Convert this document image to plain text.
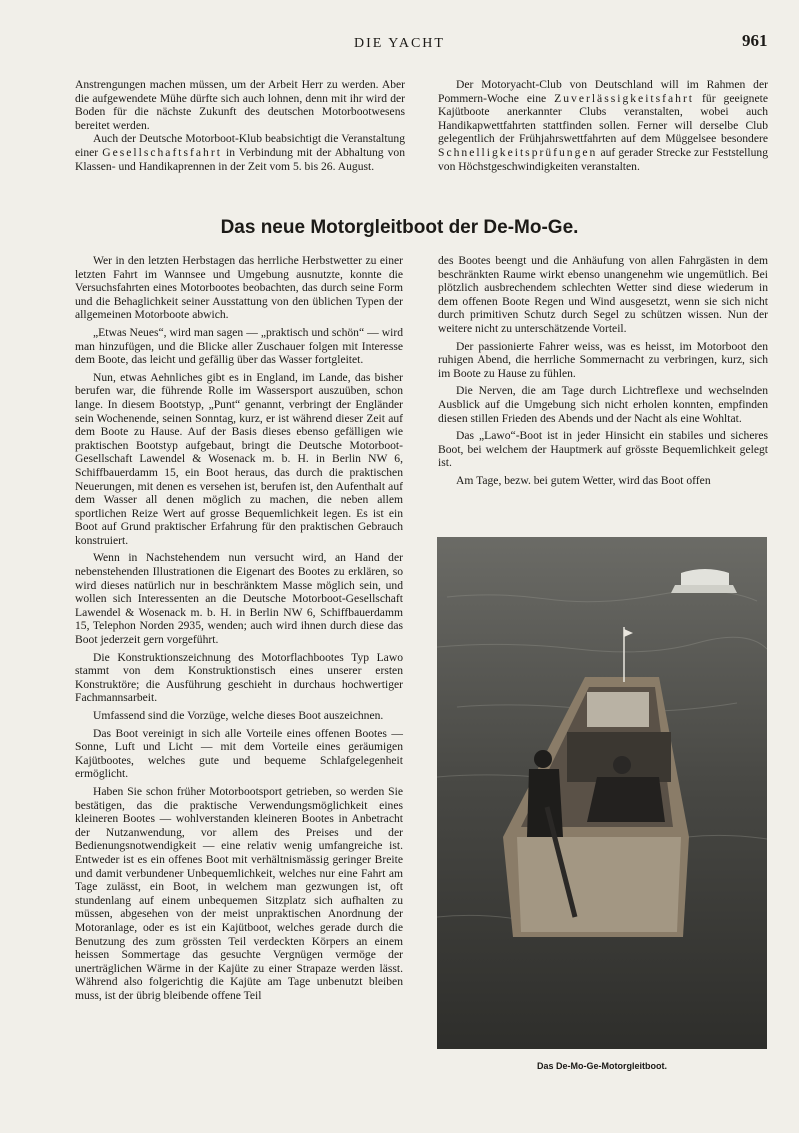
DIE YACHT	961

Anstrengungen machen müssen, um der Arbeit Herr zu werden. Aber die aufgewendete Mühe dürfte sich auch lohnen, denn mit ihr wird der Boden für die nächste Zukunft des deutschen Motorbootwesens bereitet werden.

Auch der Deutsche Motorboot-Klub beabsichtigt die Veranstaltung einer Gesellschaftsfahrt in Verbindung mit der Abhaltung von Klassen- und Handikaprennen in der Zeit vom 5. bis 26. August.

Der Motoryacht-Club von Deutschland will im Rahmen der Pommern-Woche eine Zuverlässigkeitsfahrt für geeignete Kajütboote anerkannter Clubs veranstalten, wobei auch Handikapwettfahrten stattfinden sollen. Ferner will derselbe Club gelegentlich der Frühjahrswettfahrten auf dem Müggelsee besondere Schnelligkeitsprüfungen auf gerader Strecke zur Feststellung von Höchstgeschwindigkeiten veranstalten.

Das neue Motorgleitboot der De-Mo-Ge.

Wer in den letzten Herbstagen das herrliche Herbstwetter zu einer letzten Fahrt im Wannsee und Umgebung ausnutzte, konnte die Versuchsfahrten eines Motorbootes beobachten, das durch seine Form und die Behaglichkeit seiner Ausstattung von den üblichen Typen der allgemeinen Motorboote abwich.

„Etwas Neues“, wird man sagen — „praktisch und schön“ — wird man hinzufügen, und die Blicke aller Zuschauer folgen mit Interesse dem Boote, das leicht und gefällig über das Wasser fortgleitet.

Nun, etwas Aehnliches gibt es in England, im Lande, das bisher berufen war, die führende Rolle im Wassersport auszuüben, schon lange. In diesem Bootstyp, „Punt“ genannt, verbringt der Engländer sein Wochenende, seinen Sonntag, kurz, er ist während dieser Zeit auf dem Boote zu Hause. Auf der Basis dieses ebenso gefälligen wie praktischen Bootstyp aufgebaut, bringt die Deutsche Motorboot-Gesellschaft Lawendel & Wosenack m. b. H. in Berlin NW 6, Schiffbauerdamm 15, ein Boot heraus, das durch die praktischen Neuerungen, mit denen es versehen ist, berufen ist, den Aufenthalt auf dem Wasser all denen möglich zu machen, die neben allem sportlichen Reize Wert auf grosse Bequemlichkeit legen. Es ist ein Boot auf Grund praktischer Erfahrung für den praktischen Gebrauch konstruiert.

Wenn in Nachstehendem nun versucht wird, an Hand der nebenstehenden Illustrationen die Eigenart des Bootes zu erklären, so wird dieses natürlich nur in beschränktem Masse möglich sein, und wollen sich Interessenten an die Deutsche Motorboot-Gesellschaft Lawendel & Wosenack m. b. H. in Berlin NW 6, Schiffbauerdamm 15, Telephon Norden 2935, wenden; auch wird ihnen durch diese das Boot jederzeit gern vorgeführt.

Die Konstruktionszeichnung des Motorflachbootes Typ Lawo stammt von dem Konstruktionstisch eines unserer ersten Konstruktöre; die Ausführung geschieht in durchaus hochwertiger Fachmannsarbeit.

Umfassend sind die Vorzüge, welche dieses Boot auszeichnen.

Das Boot vereinigt in sich alle Vorteile eines offenen Bootes — Sonne, Luft und Licht — mit dem Vorteile eines geräumigen Kajütbootes, welches gute und bequeme Schlafgelegenheit ermöglicht.

Haben Sie schon früher Motorbootsport getrieben, so werden Sie bestätigen, das die praktische Verwendungsmöglichkeit eines kleineren Bootes — wohlverstanden kleineren Bootes in Anbetracht der Nutzanwendung, vor allem des Preises und der Bedienungsnotwendigkeit — eine relativ wenig umfangreiche ist. Entweder ist es ein offenes Boot mit verhältnismässig geringer Breite und damit verbundener Unbequemlichkeit, welches nur eine Fahrt am Tage zulässt, ein Boot, in welchem man gezwungen ist, oft stundenlang auf einem unbequemen Sitzplatz sich aufhalten zu müssen, abgesehen von der meist unpraktischen Anordnung der Motoranlage, oder es ist ein Kajütboot, welches gerade durch die Benutzung des zum grössten Teil verdeckten Körpers an einem heissen Sommertage das gesuchte Vergnügen vermöge der unerträglichen Wärme in der Kajüte zu einer Strapaze werden lässt. Während also folgerichtig die Kajüte am Tage unbenutzt bleiben muss, ist der übrig bleibende offene Teil

des Bootes beengt und die Anhäufung von allen Fahrgästen in dem beschränkten Raume wirkt ebenso unangenehm wie ungemütlich. Bei plötzlich ausbrechendem schlechten Wetter sind diese wiederum in dem offenen Boote Regen und Wind ausgesetzt, wenn sie sich nicht durch primitiven Schutz durch Segel zu schützen wissen. Nun der weitere nicht zu unterschätzende Vorteil.

Der passionierte Fahrer weiss, was es heisst, im Motorboot den ruhigen Abend, die herrliche Sommernacht zu verbringen, kurz, sich im Boote zu Hause zu fühlen.

Die Nerven, die am Tage durch Lichtreflexe und wechselnden Ausblick auf die Umgebung sich nicht erholen konnten, empfinden diesen stillen Frieden des Abends und der Nacht als eine Wohltat.

Das „Lawo“-Boot ist in jeder Hinsicht ein stabiles und sicheres Boot, bei welchem der Hauptmerk auf grösste Bequemlichkeit gelegt ist.

Am Tage, bezw. bei gutem Wetter, wird das Boot offen

Das De-Mo-Ge-Motorgleitboot.
